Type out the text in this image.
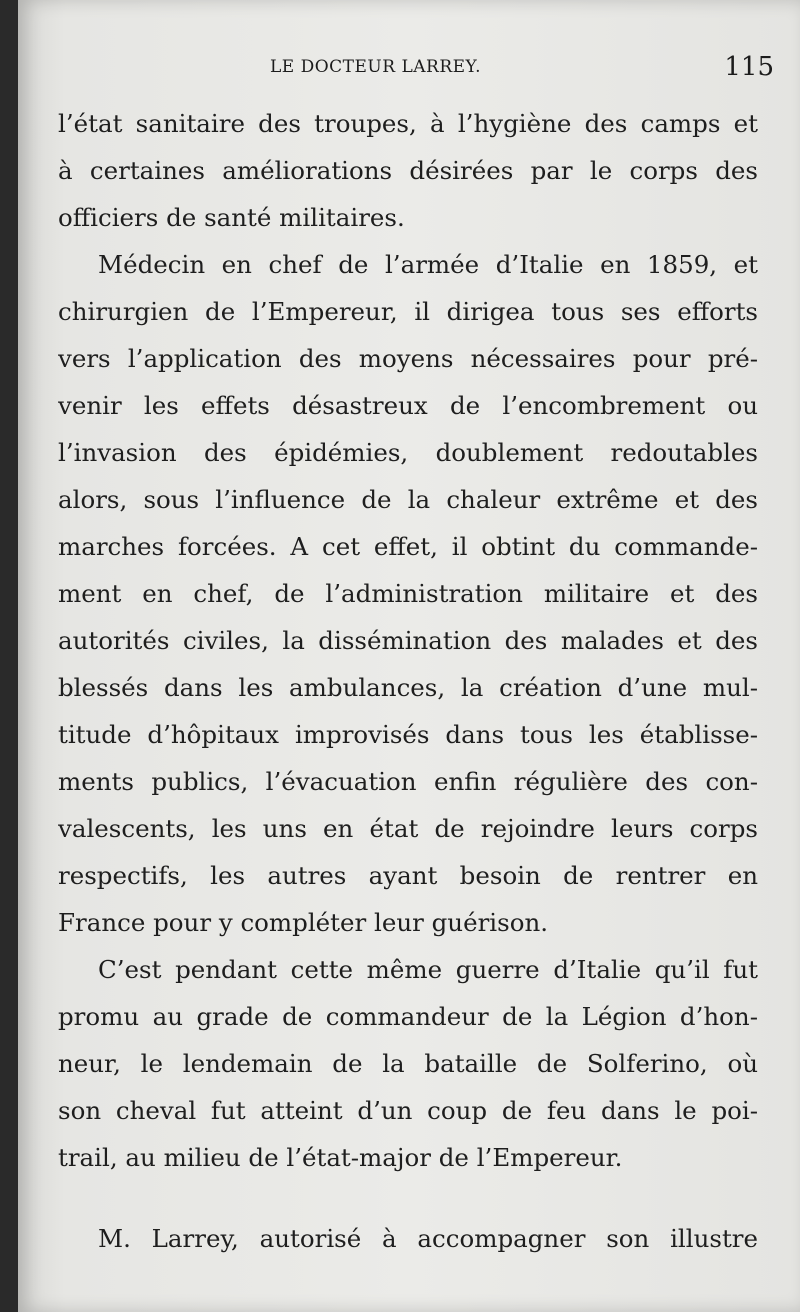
LE DOCTEUR LARREY.	115
l’état sanitaire des troupes, à l’hygiène des camps et
à certaines améliorations désirées par le corps des
officiers de santé militaires.
Médecin en chef de l’armée d’Italie en 1859, et
chirurgien de l’Empereur, il dirigea tous ses efforts
vers l’application des moyens nécessaires pour pré-
venir les effets désastreux de l’encombrement ou
l’invasion des épidémies, doublement redoutables
alors, sous l’influence de la chaleur extrême et des
marches forcées. A cet effet, il obtint du commande-
ment en chef, de l’administration militaire et des
autorités civiles, la dissémination des malades et des
blessés dans les ambulances, la création d’une mul-
titude d’hôpitaux improvisés dans tous les établisse-
ments publics, l’évacuation enfin régulière des con-
valescents, les uns en état de rejoindre leurs corps
respectifs, les autres ayant besoin de rentrer en
France pour y compléter leur guérison.
C’est pendant cette même guerre d’Italie qu’il fut
promu au grade de commandeur de la Légion d’hon-
neur, le lendemain de la bataille de Solferino, où
son cheval fut atteint d’un coup de feu dans le poi-
trail, au milieu de l’état-major de l’Empereur.
M. Larrey, autorisé à accompagner son illustre
